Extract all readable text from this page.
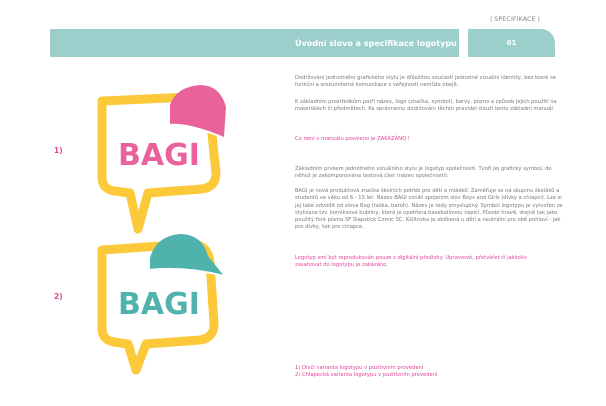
| SPECIFIKACE |
Úvodní slovo a specifikace logotypu	01
Dodržování jednotného grafického stylu je důležitou součástí jednotné vizuální identity, bez které se funkční a srozumitelná komunikace s veřejností nemůže obejít.
K základním prostředkům patří název, logo (značka, symbol), barvy, písmo a způsob jejich použití na materiálech či předmětech. Ke správnému dodržování těchto pravidel slouží tento základní manuál.
Co není v manuálu povoleno je ZAKÁZÁNO !
Základním prvkem jednotného vizuálního stylu je logotyp společnosti. Tvoří jej grafický symbol, do něhož je zakomponována textová část (název společnosti).
BAGI je nová produktová značka školních potřeb pro děti a mládež. Zaměřuje se na skupinu školáků a studentů ve věku od 6 - 15 let. Název BAGI vznikl spojením slov Boys and Girls (dívky a chlapci). Lze si jej také odvodit od slova Bag (taška, batoh). Název je tedy smysluplný. Symbol logotypu je vytvořen ze stylizace tzv. komiksové bubliny, která je opatřena baseballovou čepicí. Působí hravě, stejně tak jako použitý font písma SF Slapstick Comic SC. Kšiltovka je oblíbená u dětí a neutrální pro obě pohlaví - jak pro dívky, tak pro chlapce.
Logotyp smí být reprodukován pouze z digitální předlohy. Upravovat, přetvářet či jakkoliv zasahovat do logotypu je zakázáno.
1) Dívčí varianta logotypu v pozitivním provedení
2) Chlapecká varianta logotypu v pozitivním provedení
1)
2)
BAGI
BAGI
